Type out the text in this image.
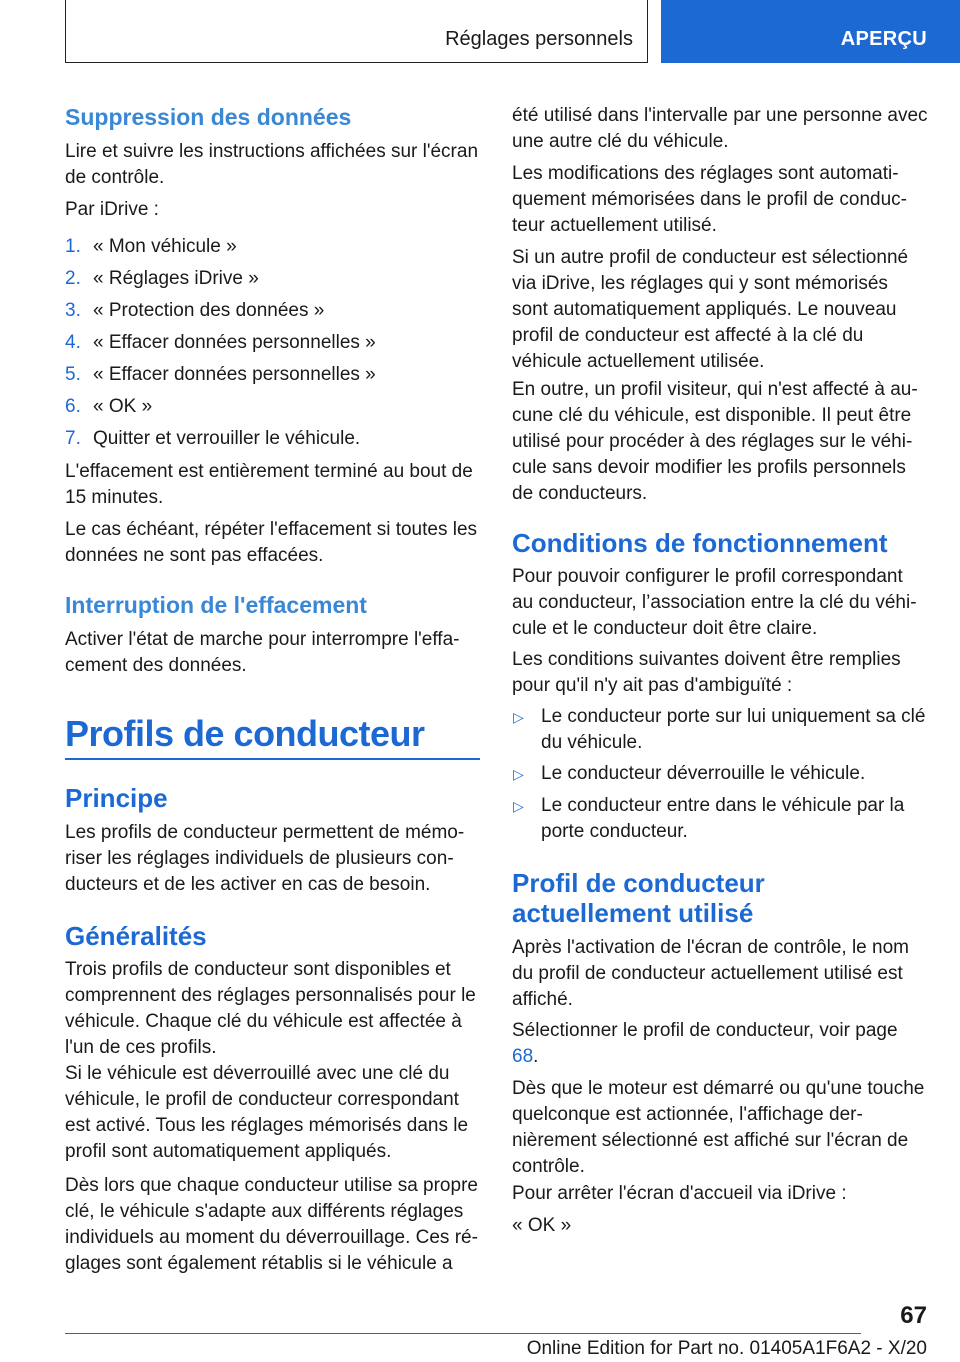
Réglages personnels	APERÇU
Suppression des données

Lire et suivre les instructions affichées sur l'écran de contrôle.

Par iDrive :

1. « Mon véhicule »
2. « Réglages iDrive »
3. « Protection des données »
4. « Effacer données personnelles »
5. « Effacer données personnelles »
6. « OK »
7. Quitter et verrouiller le véhicule.

L'effacement est entièrement terminé au bout de 15 minutes.

Le cas échéant, répéter l'effacement si toutes les données ne sont pas effacées.

Interruption de l'effacement

Activer l'état de marche pour interrompre l'effacement des données.

Profils de conducteur
Principe

Les profils de conducteur permettent de mémoriser les réglages individuels de plusieurs conducteurs et de les activer en cas de besoin.

Généralités

Trois profils de conducteur sont disponibles et comprennent des réglages personnalisés pour le véhicule. Chaque clé du véhicule est affectée à l'un de ces profils.

Si le véhicule est déverrouillé avec une clé du véhicule, le profil de conducteur correspondant est activé. Tous les réglages mémorisés dans le profil sont automatiquement appliqués.

Dès lors que chaque conducteur utilise sa propre clé, le véhicule s'adapte aux différents réglages individuels au moment du déverrouillage. Ces réglages sont également rétablis si le véhicule a

été utilisé dans l'intervalle par une personne avec une autre clé du véhicule.

Les modifications des réglages sont automatiquement mémorisées dans le profil de conducteur actuellement utilisé.

Si un autre profil de conducteur est sélectionné via iDrive, les réglages qui y sont mémorisés sont automatiquement appliqués. Le nouveau profil de conducteur est affecté à la clé du véhicule actuellement utilisée.

En outre, un profil visiteur, qui n'est affecté à aucune clé du véhicule, est disponible. Il peut être utilisé pour procéder à des réglages sur le véhicule sans devoir modifier les profils personnels de conducteurs.

Conditions de fonctionnement

Pour pouvoir configurer le profil correspondant au conducteur, l’association entre la clé du véhicule et le conducteur doit être claire.

Les conditions suivantes doivent être remplies pour qu'il n'y ait pas d'ambiguïté :

▷ Le conducteur porte sur lui uniquement sa clé du véhicule.
▷ Le conducteur déverrouille le véhicule.
▷ Le conducteur entre dans le véhicule par la porte conducteur.
Profil de conducteur actuellement utilisé

Après l'activation de l'écran de contrôle, le nom du profil de conducteur actuellement utilisé est affiché.

Sélectionner le profil de conducteur, voir page 68.

Dès que le moteur est démarré ou qu'une touche quelconque est actionnée, l'affichage dernièrement sélectionné est affiché sur l'écran de contrôle.

Pour arrêter l'écran d'accueil via iDrive :

« OK »

67
Online Edition for Part no. 01405A1F6A2 - X/20
